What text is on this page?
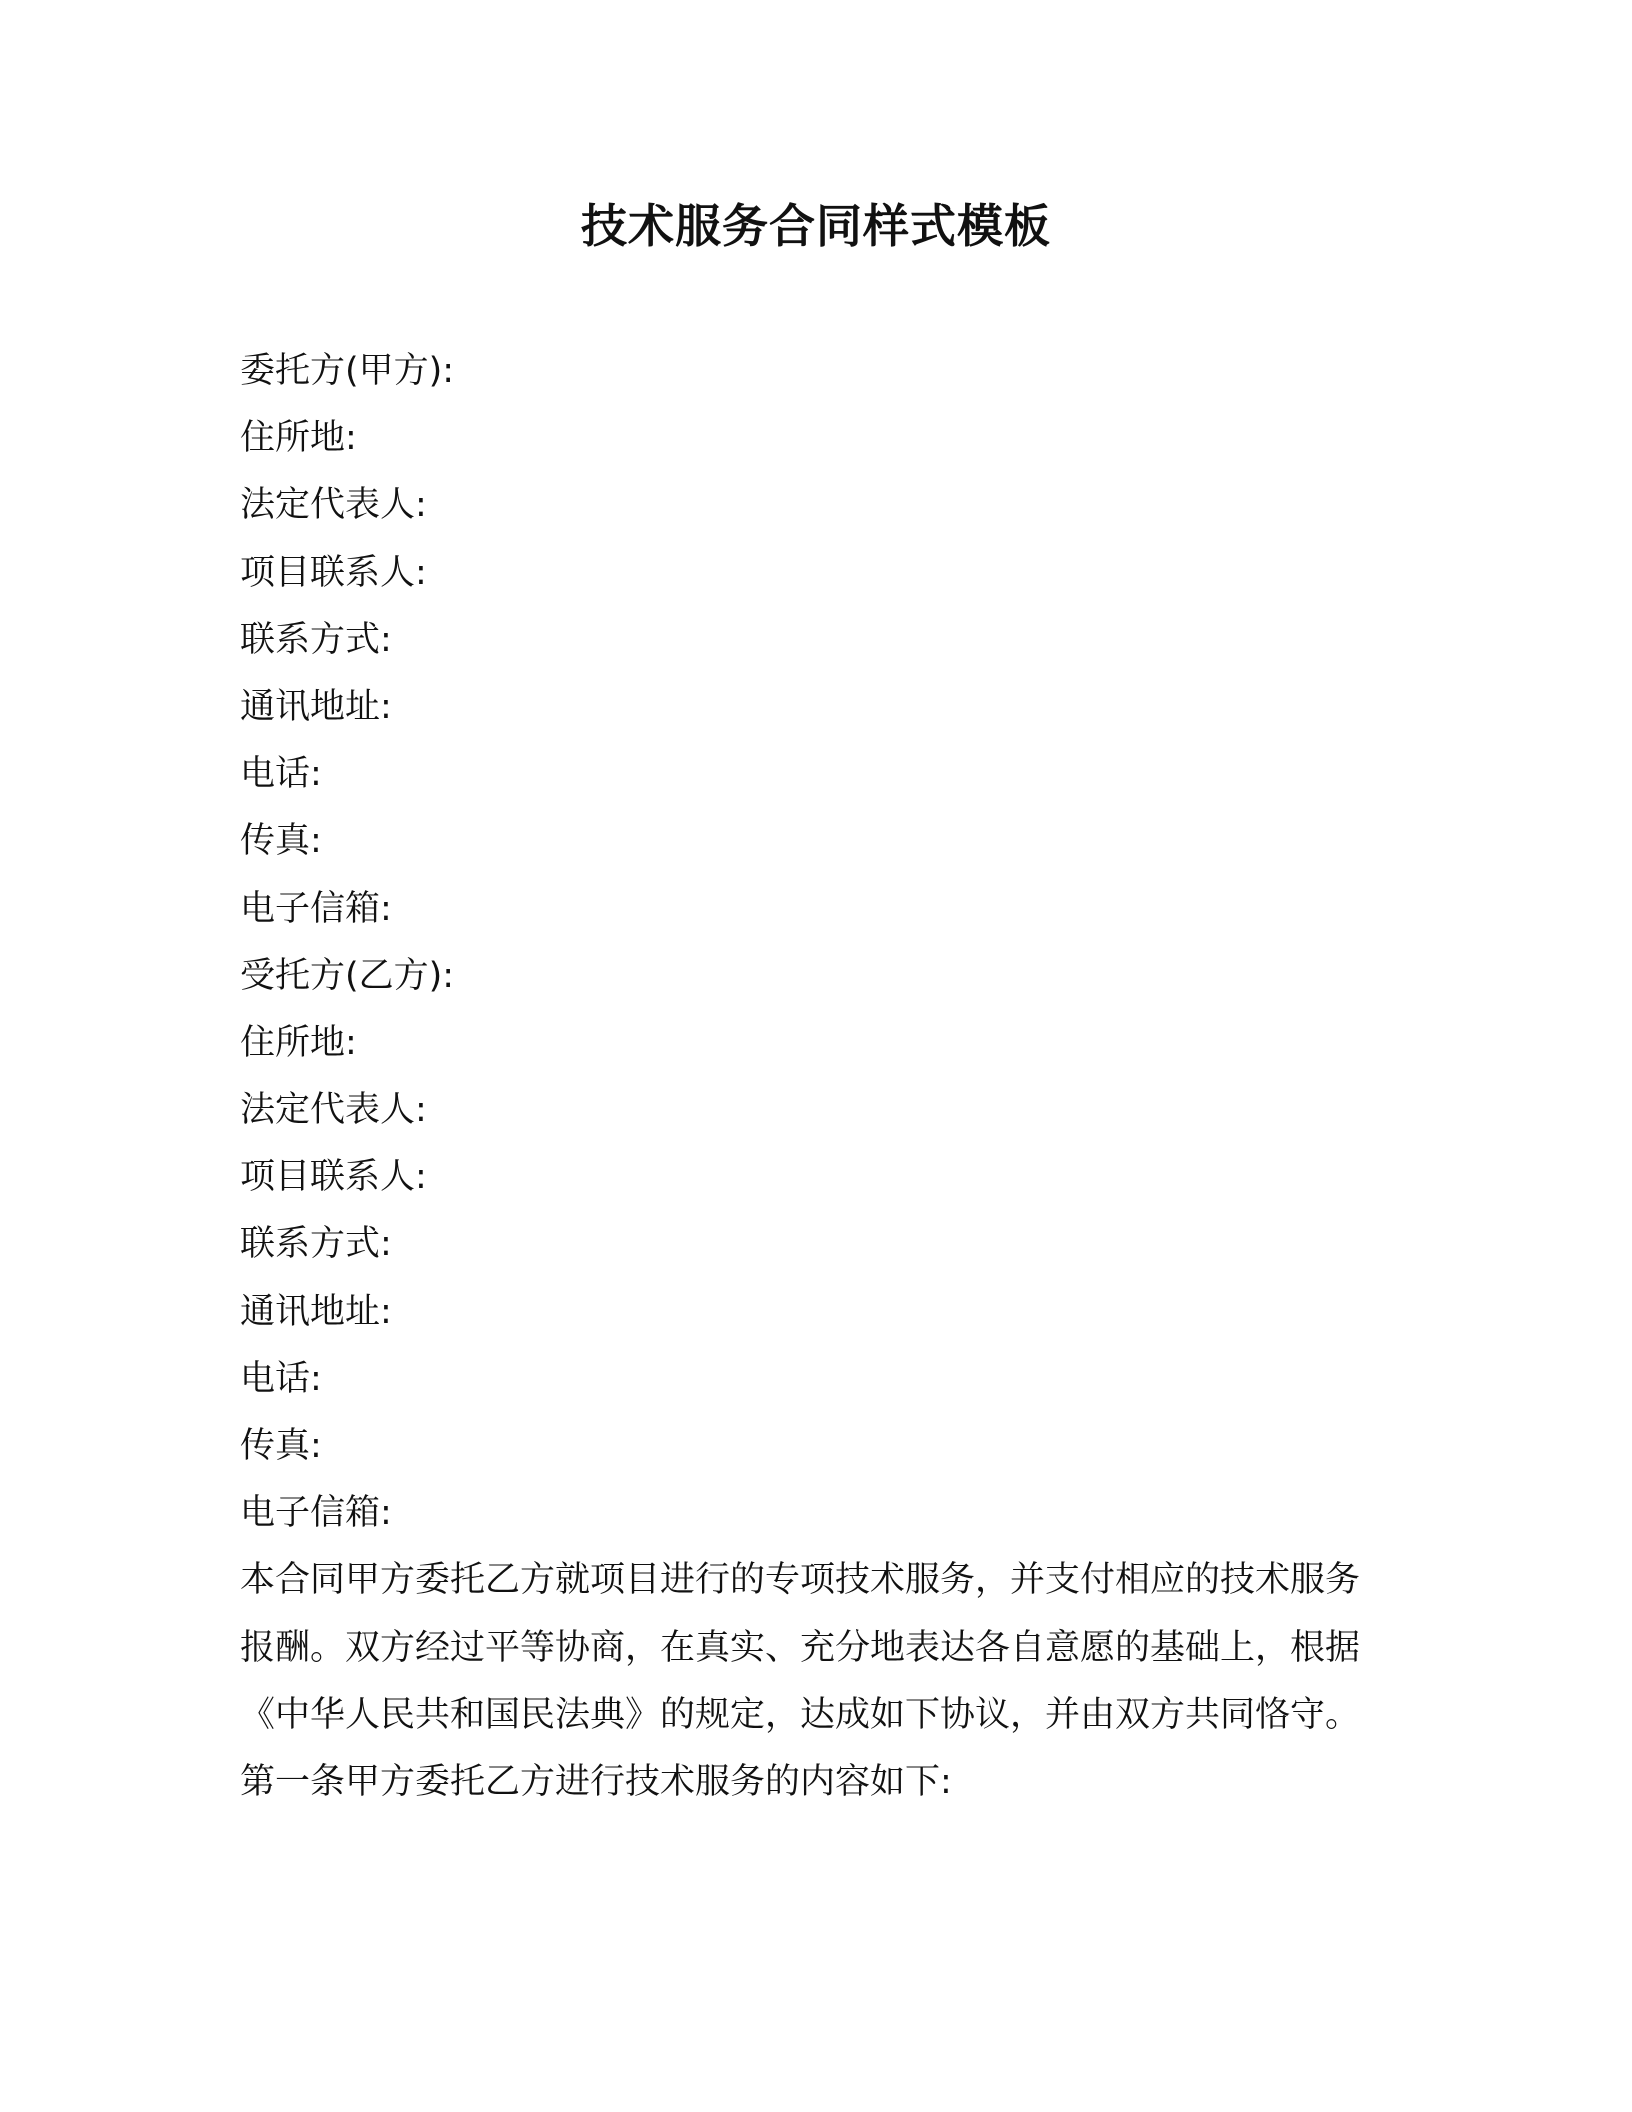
技术服务合同样式模板
委托方(甲方):
住所地:
法定代表人:
项目联系人:
联系方式:
通讯地址:
电话:
传真:
电子信箱:
受托方(乙方):
住所地:
法定代表人:
项目联系人:
联系方式:
通讯地址:
电话:
传真:
电子信箱:

本合同甲方委托乙方就项目进行的专项技术服务，并支付相应的技术服务报酬。双方经过平等协商，在真实、充分地表达各自意愿的基础上，根据《中华人民共和国民法典》的规定，达成如下协议，并由双方共同恪守。

第一条甲方委托乙方进行技术服务的内容如下:
